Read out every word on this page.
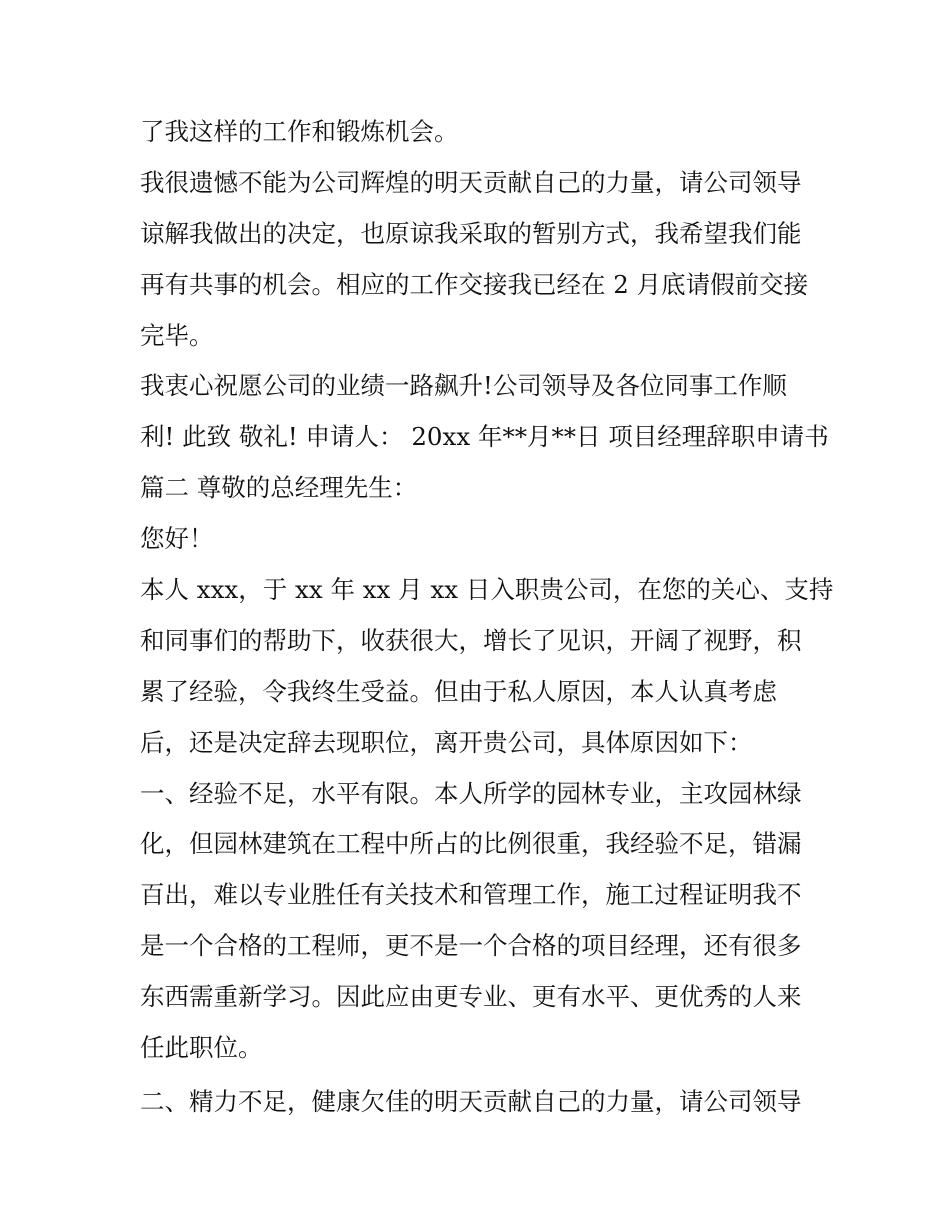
了我这样的工作和锻炼机会。
我很遗憾不能为公司辉煌的明天贡献自己的力量，请公司领导
谅解我做出的决定，也原谅我采取的暂别方式，我希望我们能
再有共事的机会。相应的工作交接我已经在 2 月底请假前交接
完毕。
我衷心祝愿公司的业绩一路飙升!公司领导及各位同事工作顺
利! 此致 敬礼! 申请人： 20xx 年**月**日 项目经理辞职申请书
篇二 尊敬的总经理先生：
您好！
本人 xxx，于 xx 年 xx 月 xx 日入职贵公司，在您的关心、支持
和同事们的帮助下，收获很大，增长了见识，开阔了视野，积
累了经验，令我终生受益。但由于私人原因，本人认真考虑
后，还是决定辞去现职位，离开贵公司，具体原因如下：
一、经验不足，水平有限。本人所学的园林专业，主攻园林绿
化，但园林建筑在工程中所占的比例很重，我经验不足，错漏
百出，难以专业胜任有关技术和管理工作，施工过程证明我不
是一个合格的工程师，更不是一个合格的项目经理，还有很多
东西需重新学习。因此应由更专业、更有水平、更优秀的人来
任此职位。
二、精力不足，健康欠佳的明天贡献自己的力量，请公司领导
